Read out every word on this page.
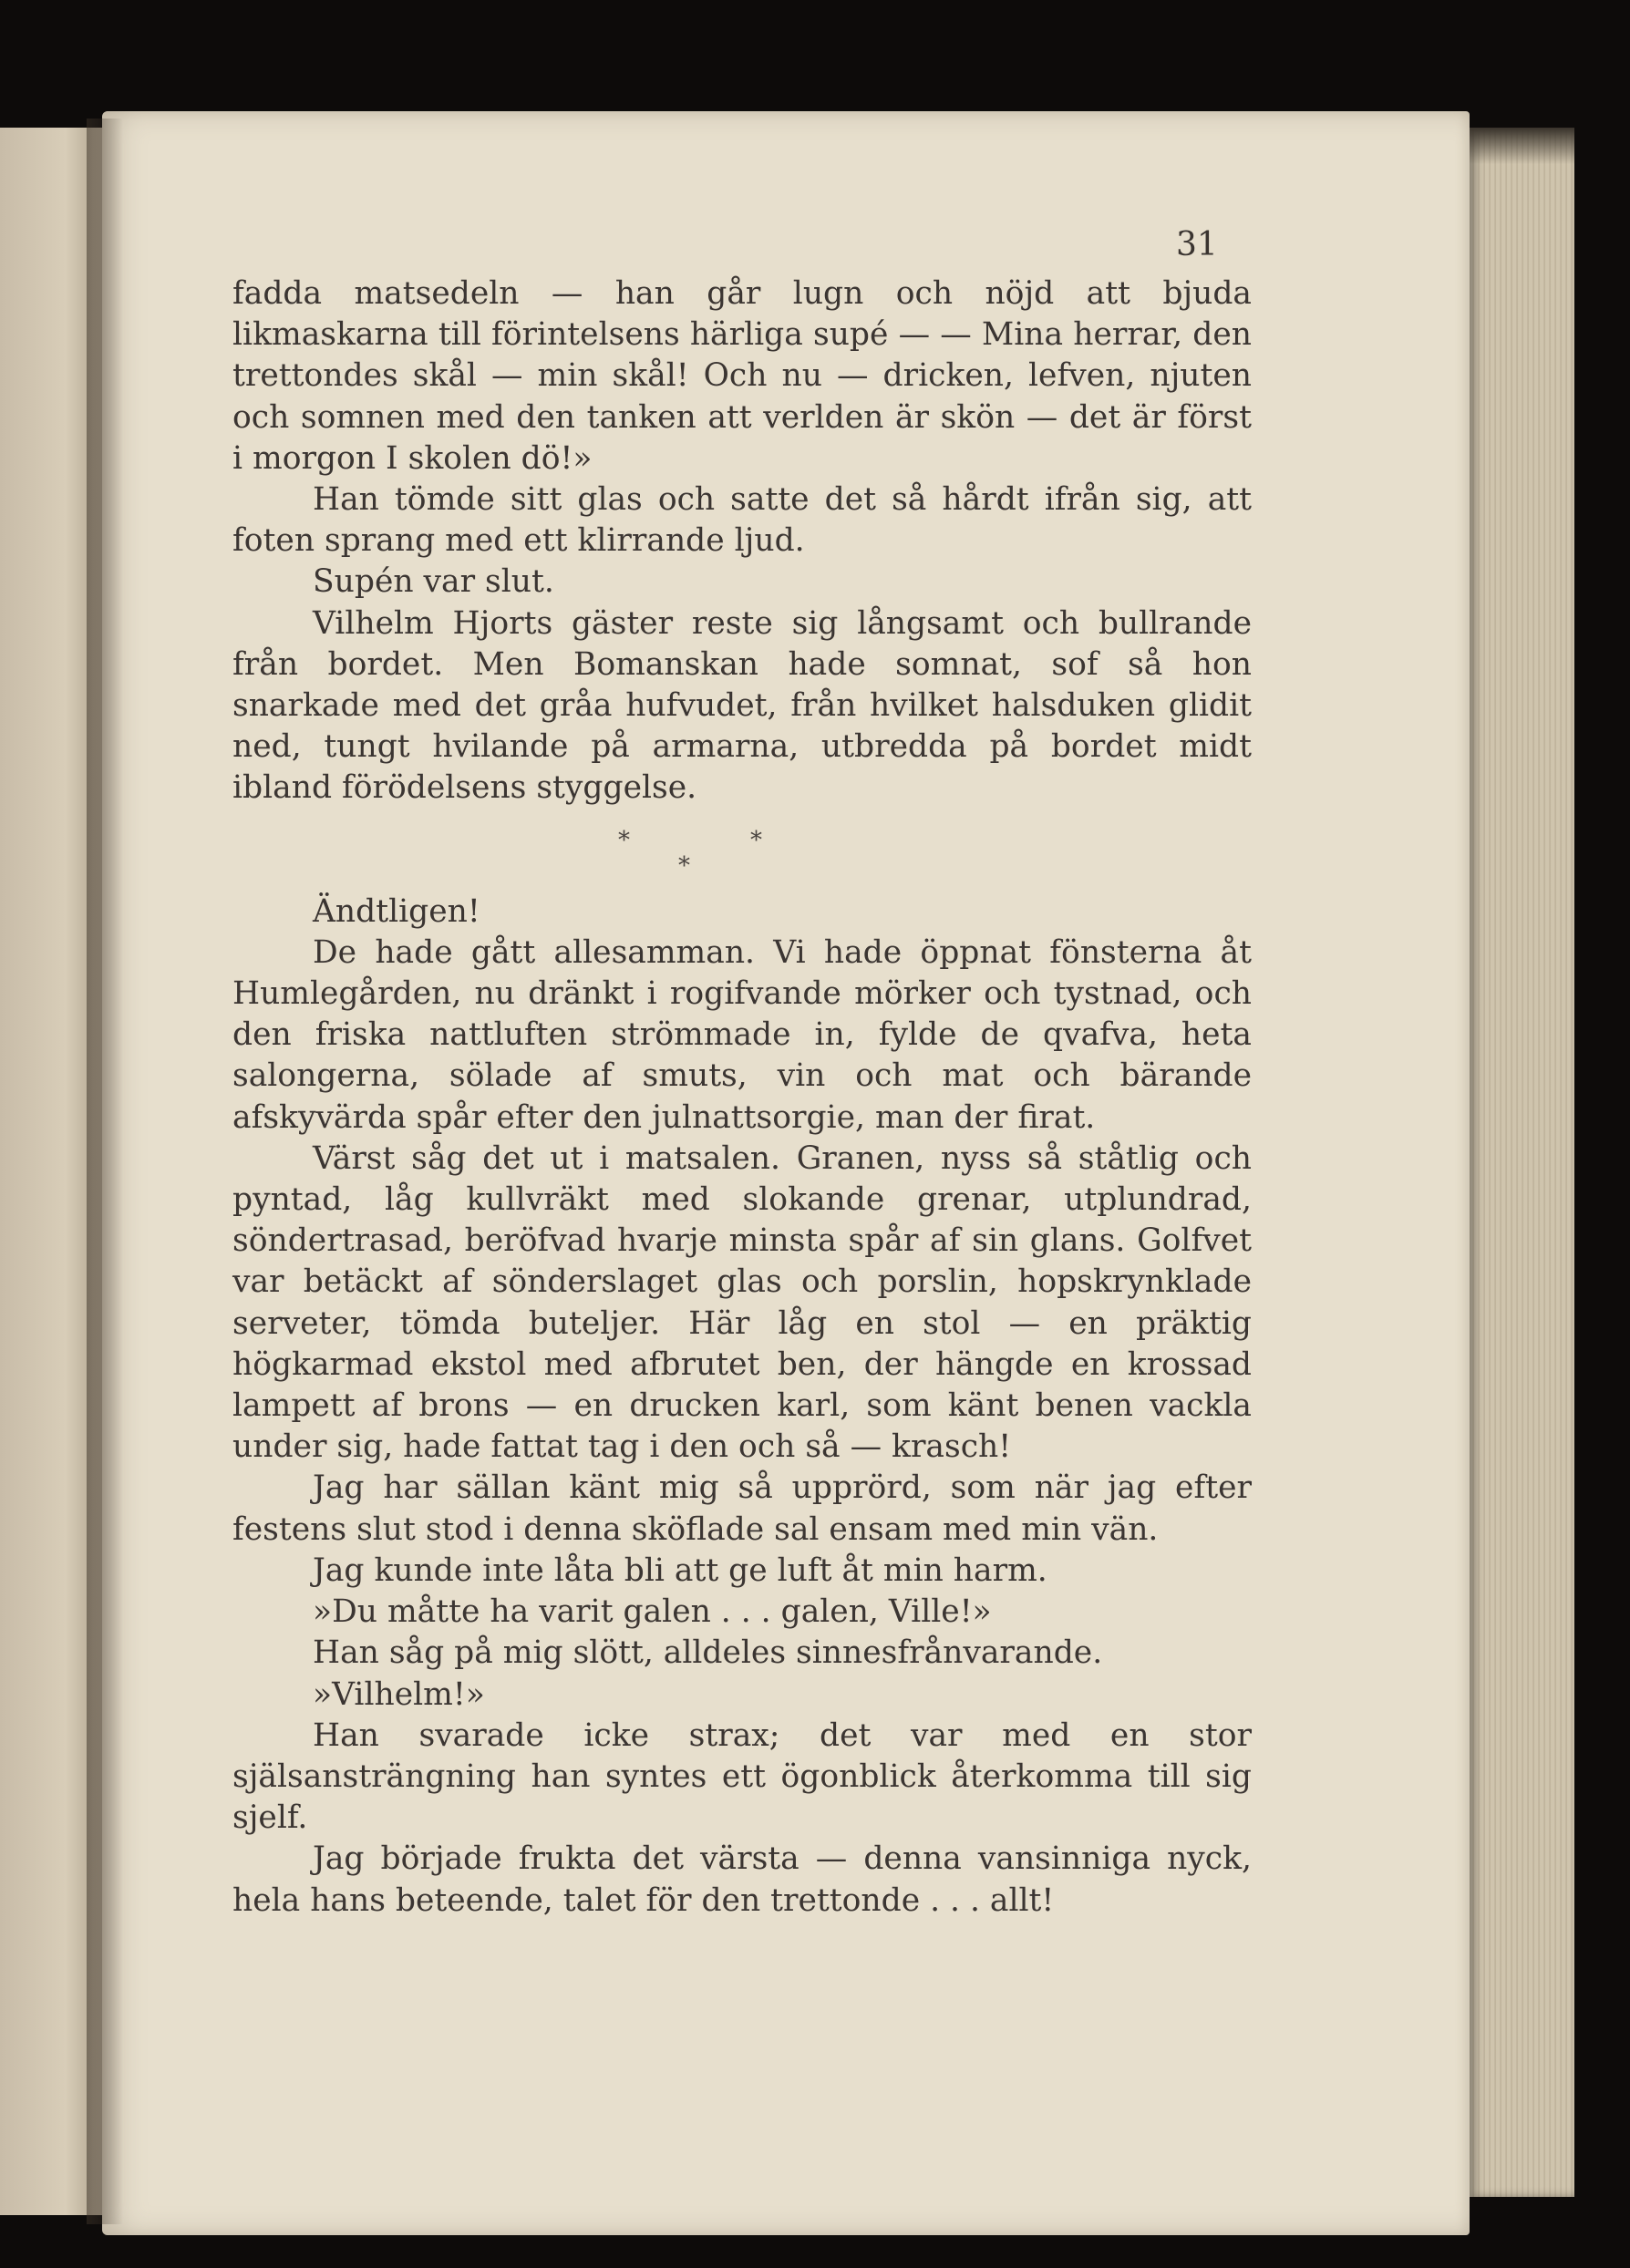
31

fadda matsedeln — han går lugn och nöjd att bjuda likmaskarna till förintelsens härliga supé — — Mina herrar, den trettondes skål — min skål! Och nu — dricken, lefven, njuten och somnen med den tanken att verlden är skön — det är först i morgon I skolen dö!»

Han tömde sitt glas och satte det så hårdt ifrån sig, att foten sprang med ett klirrande ljud.

Supén var slut.

Vilhelm Hjorts gäster reste sig långsamt och bullrande från bordet. Men Bomanskan hade somnat, sof så hon snarkade med det gråa hufvudet, från hvilket halsduken glidit ned, tungt hvilande på armarna, utbredda på bordet midt ibland förödelsens styggelse.

*
*
*

Ändtligen!

De hade gått allesamman. Vi hade öppnat fönsterna åt Humlegården, nu dränkt i rogifvande mörker och tystnad, och den friska nattluften strömmade in, fylde de qvafva, heta salongerna, sölade af smuts, vin och mat och bärande afskyvärda spår efter den julnattsorgie, man der firat.

Värst såg det ut i matsalen. Granen, nyss så ståtlig och pyntad, låg kullvräkt med slokande grenar, utplundrad, söndertrasad, beröfvad hvarje minsta spår af sin glans. Golfvet var betäckt af sönderslaget glas och porslin, hopskrynklade serveter, tömda buteljer. Här låg en stol — en präktig högkarmad ekstol med afbrutet ben, der hängde en krossad lampett af brons — en drucken karl, som känt benen vackla under sig, hade fattat tag i den och så — krasch!

Jag har sällan känt mig så upprörd, som när jag efter festens slut stod i denna sköflade sal ensam med min vän.

Jag kunde inte låta bli att ge luft åt min harm.

»Du måtte ha varit galen . . . galen, Ville!»

Han såg på mig slött, alldeles sinnesfrånvarande.

»Vilhelm!»

Han svarade icke strax; det var med en stor själsansträngning han syntes ett ögonblick återkomma till sig sjelf.

Jag började frukta det värsta — denna vansinniga nyck, hela hans beteende, talet för den trettonde . . . allt!
